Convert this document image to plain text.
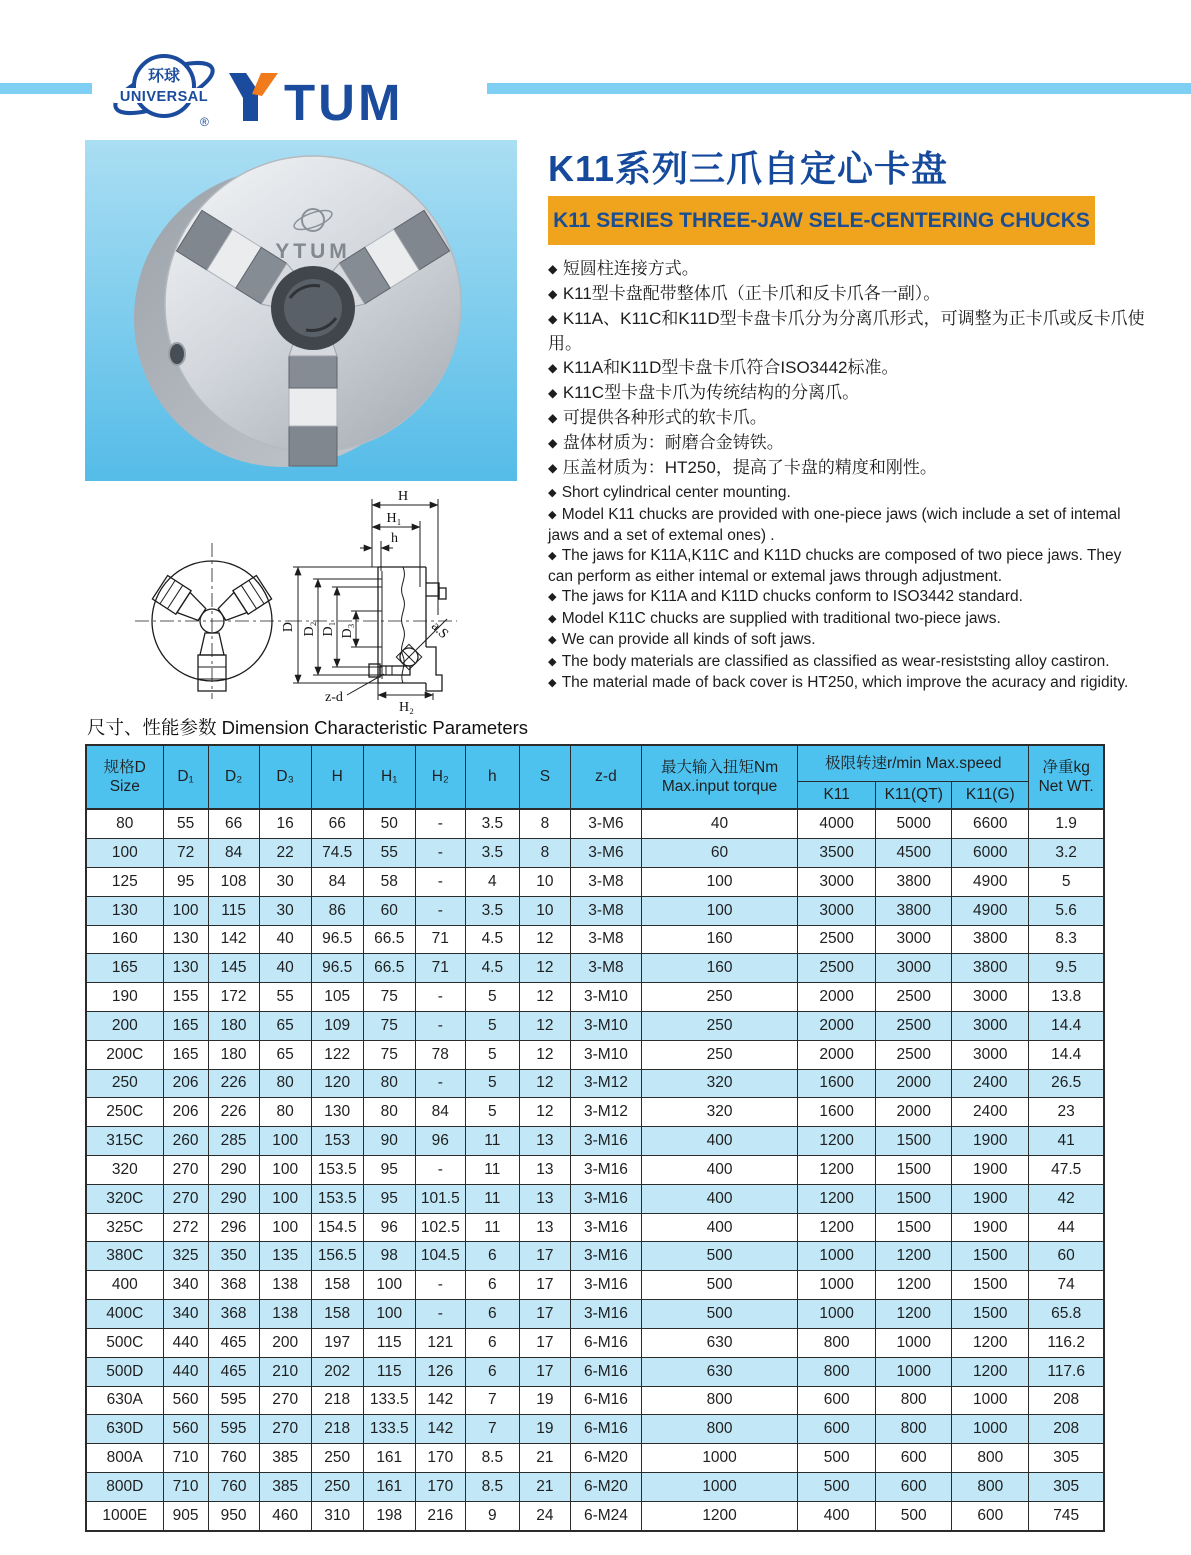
环球
UNIVERSAL
® TUM
YTUM
H
H₁
h
D D₂ D₁ D₃	a.S
z-d
H₂
K11系列三爪自定心卡盘
K11 SERIES THREE-JAW SELE-CENTERING CHUCKS

◆ 短圆柱连接方式。

◆ K11型卡盘配带整体爪（正卡爪和反卡爪各一副）。

◆ K11A、K11C和K11D型卡盘卡爪分为分离爪形式，可调整为正卡爪或反卡爪使用。

◆ K11A和K11D型卡盘卡爪符合ISO3442标准。

◆ K11C型卡盘卡爪为传统结构的分离爪。

◆ 可提供各种形式的软卡爪。

◆ 盘体材质为：耐磨合金铸铁。

◆ 压盖材质为：HT250，提高了卡盘的精度和刚性。

◆ Short cylindrical center mounting.

◆ Model K11 chucks are provided with one-piece jaws (wich include a set of intemal jaws and a set of extemal ones) .

◆ The jaws for K11A,K11C and K11D chucks are composed of two piece jaws. They can perform as either intemal or extemal jaws through adjustment.

◆ The jaws for K11A and K11D chucks conform to ISO3442 standard.

◆ Model K11C chucks are supplied with traditional two-piece jaws.

◆ We can provide all kinds of soft jaws.

◆ The body materials are classified as classified as wear-resiststing alloy castiron.

◆ The material made of back cover is HT250, which improve the acuracy and rigidity.

尺寸、性能参数 Dimension Characteristic Parameters
规格D
Size
	D₁	D₂	D₃	H	H₁	H₂	h	S	z-d	
最大输入扭矩Nm
Max.input torque
	极限转速r/min Max.speed	净重kg
Net WT.

											K11	K11(QT)	K11(G)	
80	55	66	16	66	50	-	3.5	8	3-M6	40	4000	5000	6600	1.9
100	72	84	22	74.5	55	-	3.5	8	3-M6	60	3500	4500	6000	3.2
125	95	108	30	84	58	-	4	10	3-M8	100	3000	3800	4900	5
130	100	115	30	86	60	-	3.5	10	3-M8	100	3000	3800	4900	5.6
160	130	142	40	96.5	66.5	71	4.5	12	3-M8	160	2500	3000	3800	8.3
165	130	145	40	96.5	66.5	71	4.5	12	3-M8	160	2500	3000	3800	9.5
190	155	172	55	105	75	-	5	12	3-M10	250	2000	2500	3000	13.8
200	165	180	65	109	75	-	5	12	3-M10	250	2000	2500	3000	14.4
200C	165	180	65	122	75	78	5	12	3-M10	250	2000	2500	3000	14.4
250	206	226	80	120	80	-	5	12	3-M12	320	1600	2000	2400	26.5
250C	206	226	80	130	80	84	5	12	3-M12	320	1600	2000	2400	23
315C	260	285	100	153	90	96	11	13	3-M16	400	1200	1500	1900	41
320	270	290	100	153.5	95	-	11	13	3-M16	400	1200	1500	1900	47.5
320C	270	290	100	153.5	95	101.5	11	13	3-M16	400	1200	1500	1900	42
325C	272	296	100	154.5	96	102.5	11	13	3-M16	400	1200	1500	1900	44
380C	325	350	135	156.5	98	104.5	6	17	3-M16	500	1000	1200	1500	60
400	340	368	138	158	100	-	6	17	3-M16	500	1000	1200	1500	74
400C	340	368	138	158	100	-	6	17	3-M16	500	1000	1200	1500	65.8
500C	440	465	200	197	115	121	6	17	6-M16	630	800	1000	1200	116.2
500D	440	465	210	202	115	126	6	17	6-M16	630	800	1000	1200	117.6
630A	560	595	270	218	133.5	142	7	19	6-M16	800	600	800	1000	208
630D	560	595	270	218	133.5	142	7	19	6-M16	800	600	800	1000	208
800A	710	760	385	250	161	170	8.5	21	6-M20	1000	500	600	800	305
800D	710	760	385	250	161	170	8.5	21	6-M20	1000	500	600	800	305
1000E	905	950	460	310	198	216	9	24	6-M24	1200	400	500	600	745
